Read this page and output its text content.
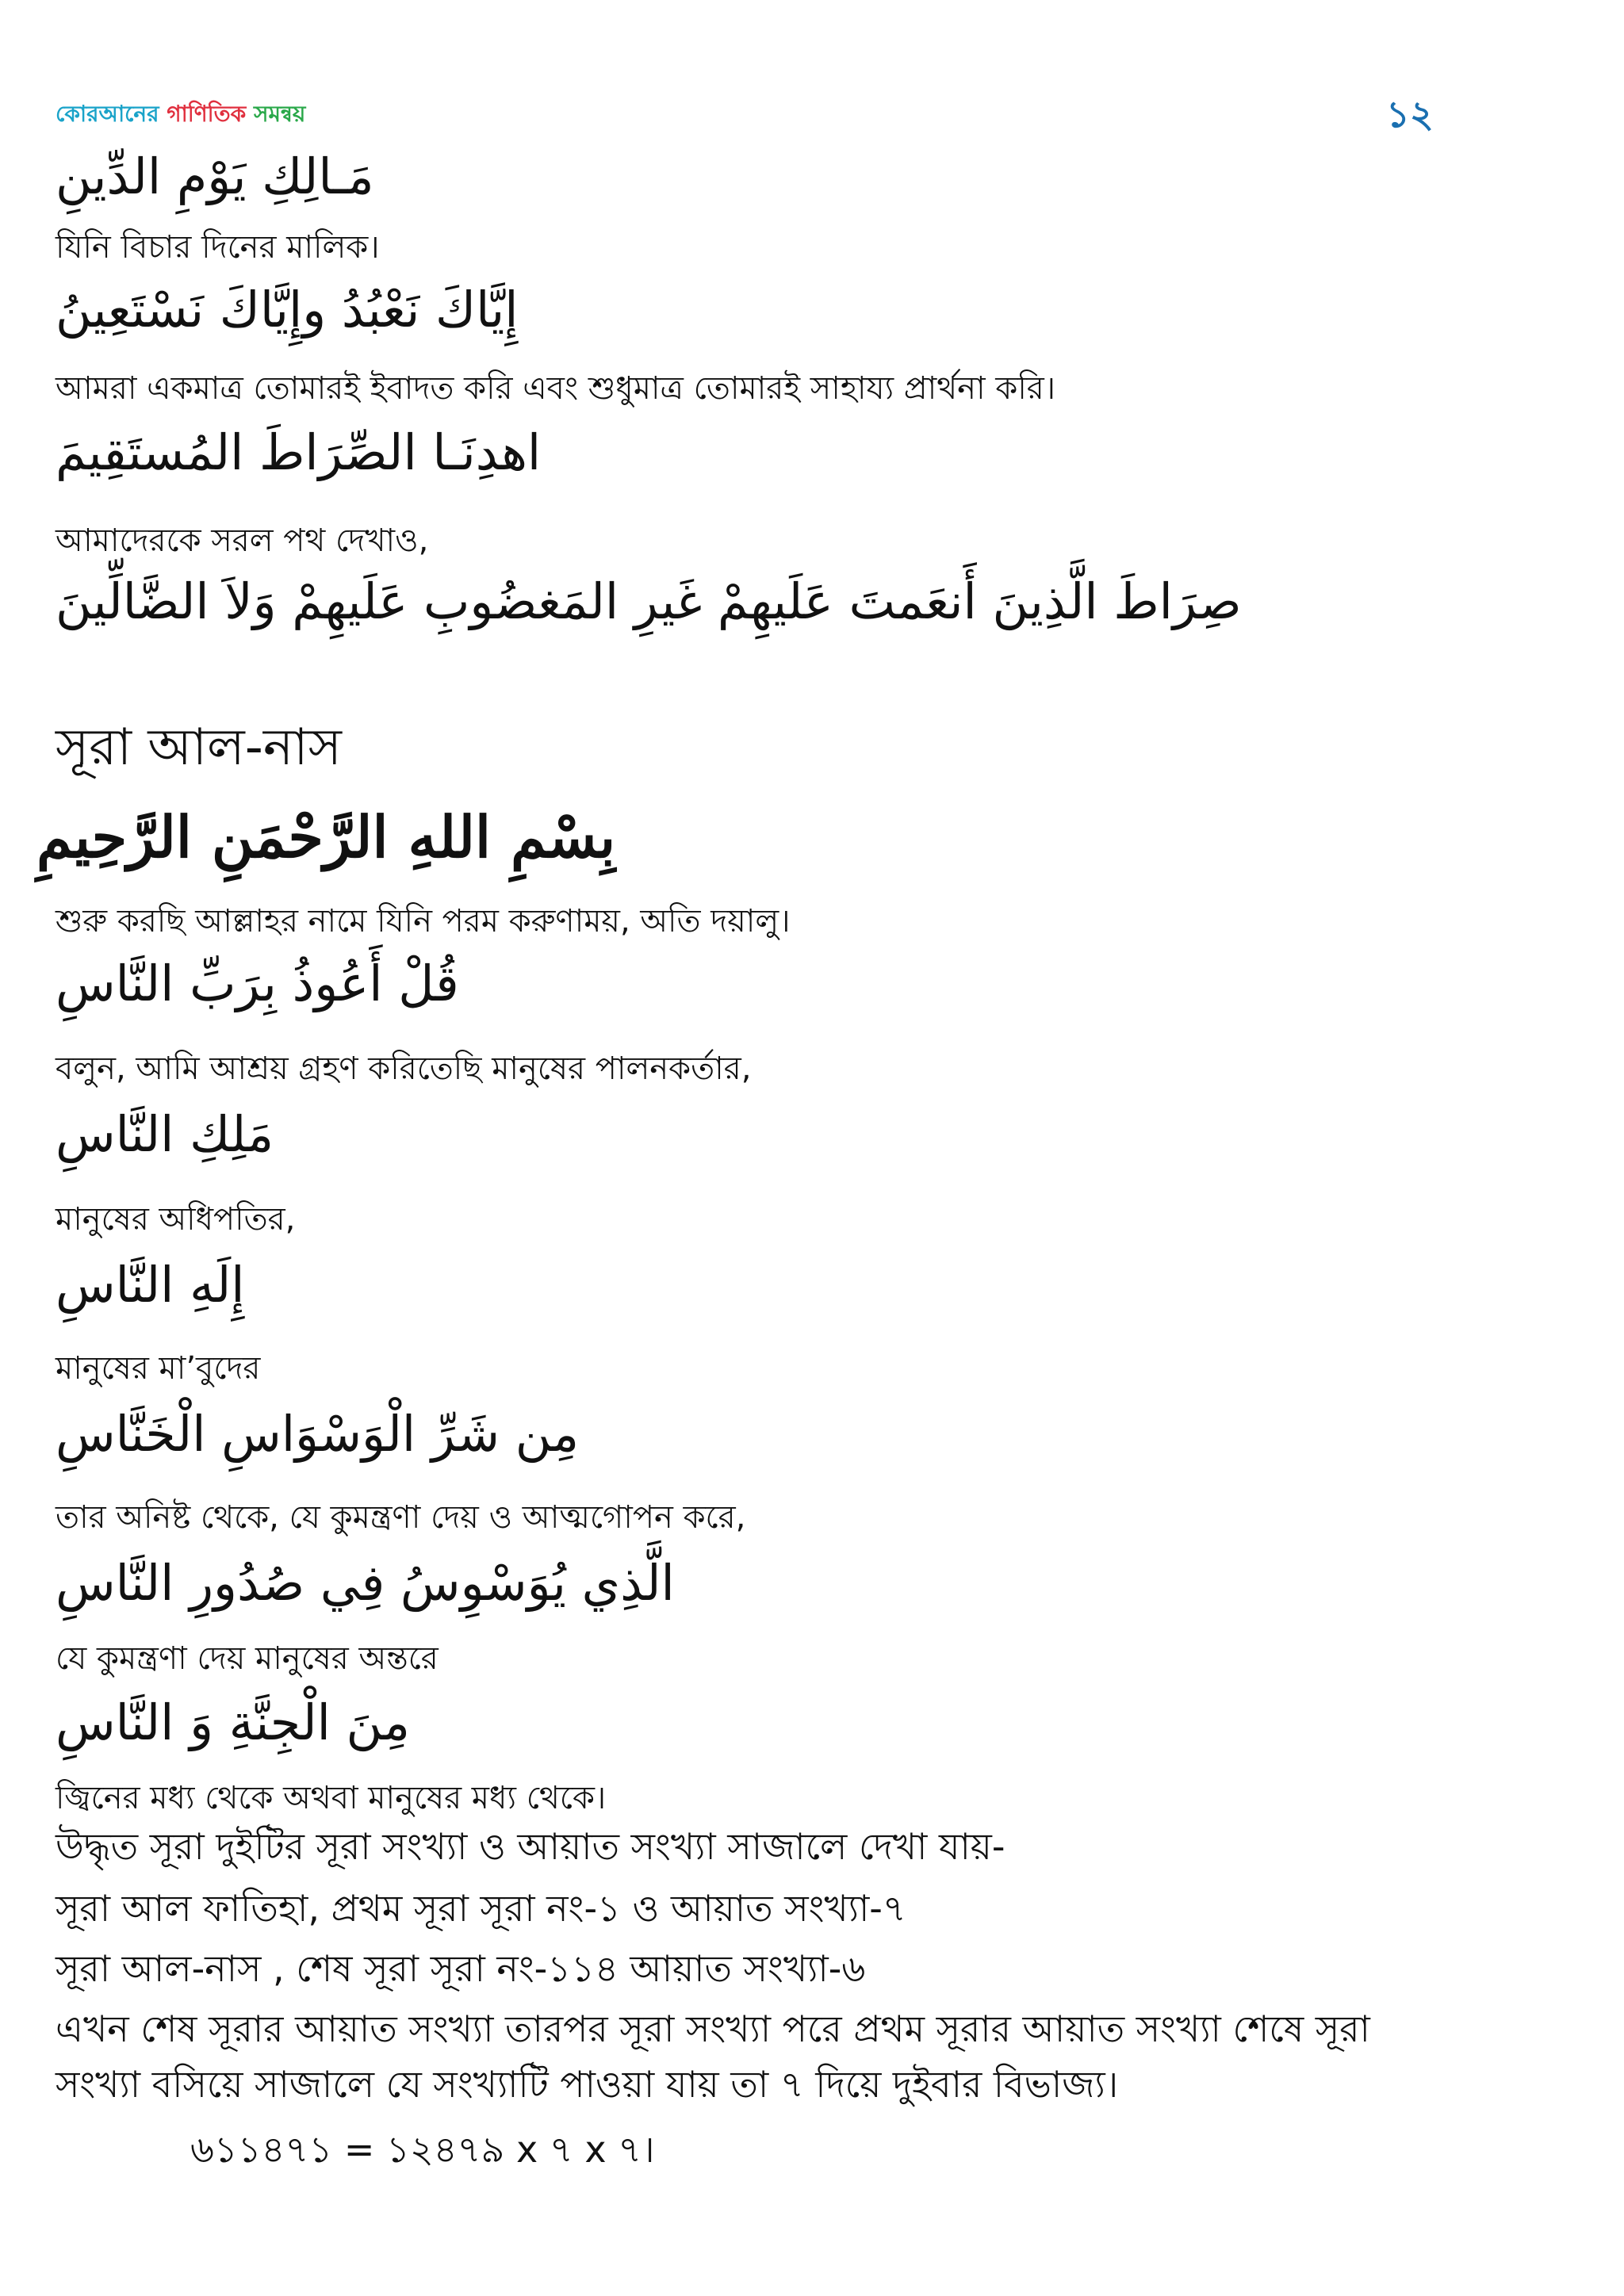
কোরআনের গাণিতিক সমন্বয়	১২
مَـالِكِ يَوْمِ الدِّينِ
যিনি বিচার দিনের মালিক।
إِيَّاكَ نَعْبُدُ وإِيَّاكَ نَسْتَعِينُ
আমরা একমাত্র তোমারই ইবাদত করি এবং শুধুমাত্র তোমারই সাহায্য প্রার্থনা করি।
اهدِنَـا الصِّرَاطَ المُستَقِيمَ
আমাদেরকে সরল পথ দেখাও,
صِرَاطَ الَّذِينَ أَنعَمتَ عَلَيهِمْ غَيرِ المَغضُوبِ عَلَيهِمْ وَلاَ الضَّالِّينَ
সূরা আল-নাস
بِسْمِ اللهِ الرَّحْمَنِ الرَّحِيمِ
শুরু করছি আল্লাহর নামে যিনি পরম করুণাময়, অতি দয়ালু।
قُلْ أَعُوذُ بِرَبِّ النَّاسِ
বলুন, আমি আশ্রয় গ্রহণ করিতেছি মানুষের পালনকর্তার,
مَلِكِ النَّاسِ
মানুষের অধিপতির,
إِلَهِ النَّاسِ
মানুষের মা’বুদের
مِن شَرِّ الْوَسْوَاسِ الْخَنَّاسِ
তার অনিষ্ট থেকে, যে কুমন্ত্রণা দেয় ও আত্মগোপন করে,
الَّذِي يُوَسْوِسُ فِي صُدُورِ النَّاسِ
যে কুমন্ত্রণা দেয় মানুষের অন্তরে
مِنَ الْجِنَّةِ وَ النَّاسِ
জ্বিনের মধ্য থেকে অথবা মানুষের মধ্য থেকে।
উদ্ধৃত সূরা দুইটির সূরা সংখ্যা ও আয়াত সংখ্যা সাজালে দেখা যায়-
সূরা আল ফাতিহা, প্রথম সূরা সূরা নং-১ ও আয়াত সংখ্যা-৭
সূরা আল-নাস , শেষ সূরা সূরা নং-১১৪ আয়াত সংখ্যা-৬
এখন শেষ সূরার আয়াত সংখ্যা তারপর সূরা সংখ্যা পরে প্রথম সূরার আয়াত সংখ্যা শেষে সূরা
সংখ্যা বসিয়ে সাজালে যে সংখ্যাটি পাওয়া যায় তা ৭ দিয়ে দুইবার বিভাজ্য।
৬১১৪৭১ = ১২৪৭৯ x ৭ x ৭।
